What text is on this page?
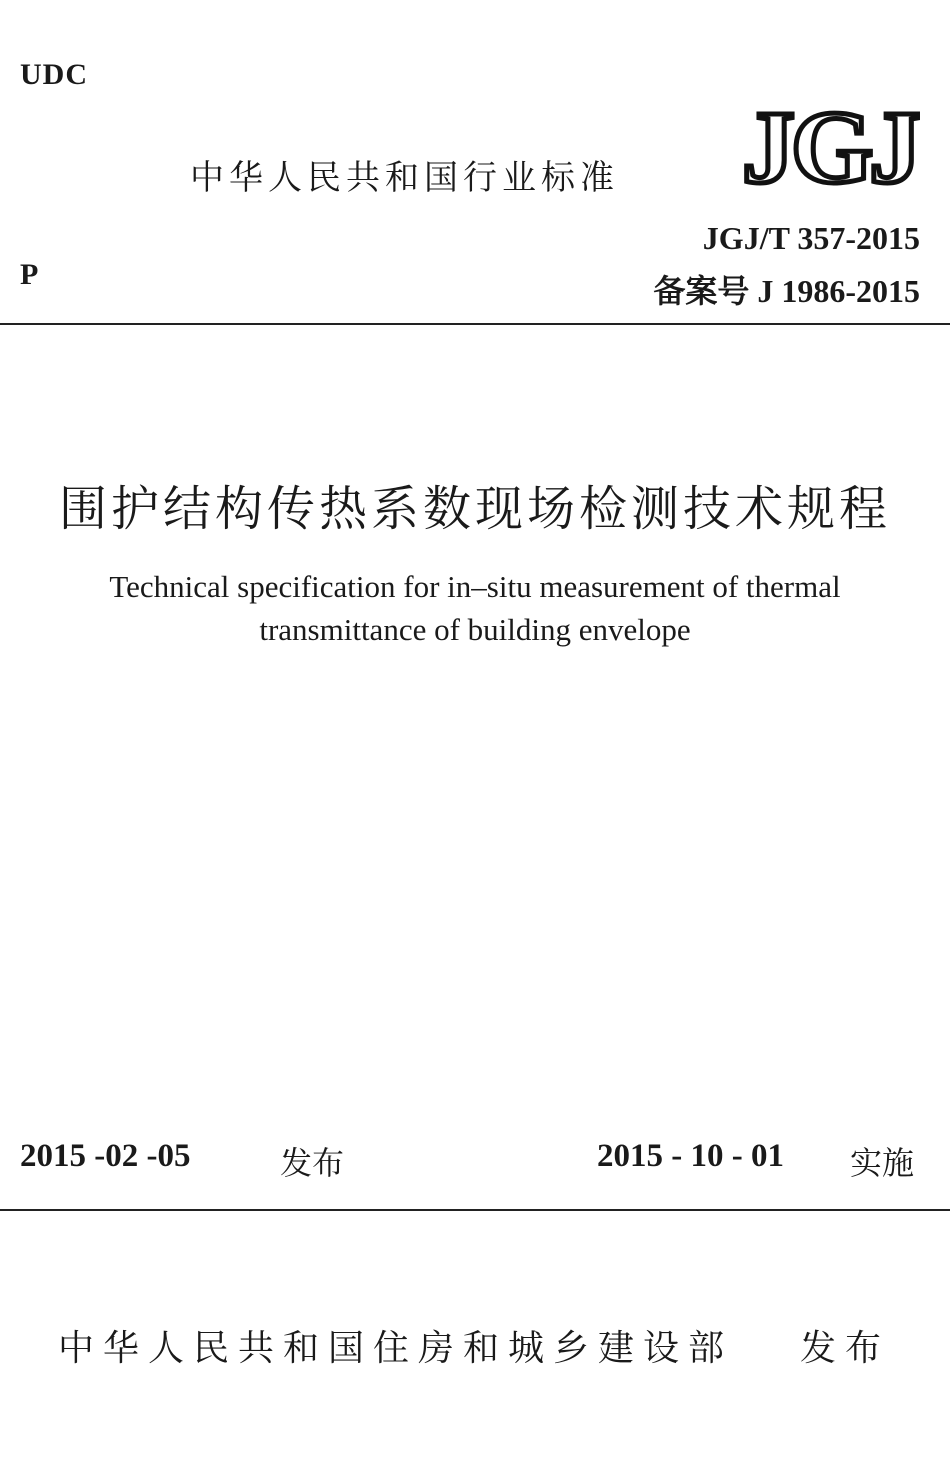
UDC

中华人民共和国行业标准 JGJ

JGJ/T 357-2015

P	备案号 J 1986-2015

围护结构传热系数现场检测技术规程

Technical specification for in–situ measurement of thermal
transmittance of building envelope

2015 -02 -05	发布	2015 - 10 - 01 实施

中华人民共和国住房和城乡建设部 发布
